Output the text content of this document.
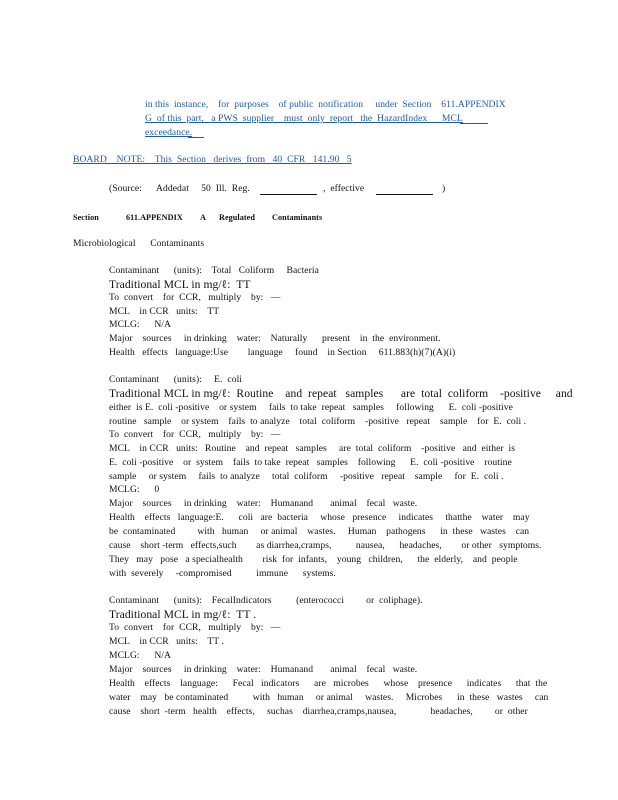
in this  instance,    for  purposes    of public  notification     under  Section    611.APPENDIX
G  of this  part,   a PWS  supplier    must  only  report   the  HazardIndex      MCL
exceedance.
BOARD    NOTE:    This  Section   derives  from   40  CFR   141.90   5
(Source:      Addedat     50  Ill.  Reg.	,  effective	)
Section	611.APPENDIX A Regulated Contaminants
Microbiological      Contaminants
Contaminant      (units):    Total   Coliform     Bacteria
Traditional MCL in mg/ℓ:  TT
To  convert    for  CCR,   multiply    by:   —
MCL    in CCR   units:    TT
MCLG:      N/A
Major    sources     in drinking    water:    Naturally      present    in  the  environment.
Health   effects   language:Use        language     found    in Section     611.883(h)(7)(A)(i)
Contaminant      (units):     E.  coli
Traditional MCL in mg/ℓ:  Routine    and  repeat   samples      are  total  coliform    -positive     and
either  is E.  coli -positive    or system     fails  to take  repeat   samples     following      E.  coli -positive
routine   sample    or system    fails  to analyze    total  coliform    -positive   repeat    sample    for  E.  coli .
To  convert    for  CCR,   multiply    by:   —
MCL    in CCR   units:   Routine    and  repeat   samples     are  total  coliform    -positive   and  either  is
E.  coli -positive    or  system    fails  to take  repeat   samples    following      E.  coli -positive    routine
sample     or system     fails  to analyze     total  coliform     -positive   repeat    sample     for  E.  coli .
MCLG:      0
Major    sources     in drinking    water:    Humanand       animal    fecal   waste.
Health    effects   language:E.      coli   are  bacteria     whose   presence     indicates     thatthe    water    may
be  contaminated         with   human     or animal    wastes.     Human    pathogens      in  these   wastes    can
cause    short -term   effects,such        as diarrhea,cramps,          nausea,      headaches,        or other   symptoms.
They   may   pose   a specialhealth        risk  for  infants,    young   children,      the  elderly,    and  people
with  severely     -compromised          immune      systems.
Contaminant      (units):    FecalIndicators          (enterococci         or  coliphage).
Traditional MCL in mg/ℓ:  TT .
To  convert    for  CCR,   multiply    by:   —
MCL    in CCR   units:    TT .
MCLG:      N/A
Major    sources     in drinking    water:    Humanand       animal    fecal   waste.
Health    effects    language:      Fecal   indicators      are   microbes      whose    presence      indicates      that  the
water    may   be contaminated          with   human     or animal     wastes.     Microbes      in  these   wastes     can
cause    short  -term   health    effects,     suchas    diarrhea,cramps,nausea,              headaches,         or  other
